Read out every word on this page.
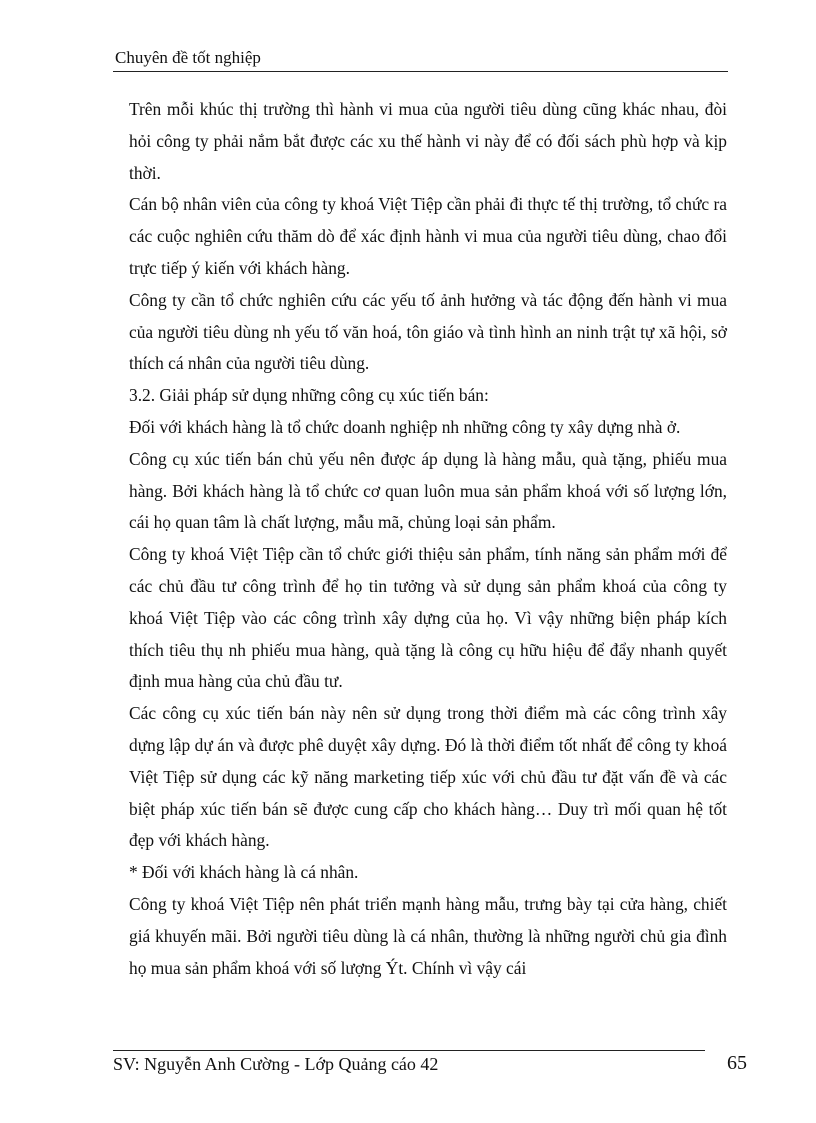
Chuyên đề tốt nghiệp

Trên mỗi khúc thị trường thì hành vi mua của người tiêu dùng cũng khác nhau, đòi hỏi công ty phải nắm bắt được các xu thế hành vi này để có đối sách phù hợp và kịp thời.

Cán bộ nhân viên của công ty khoá Việt Tiệp cần phải đi thực tế thị trường, tổ chức ra các cuộc nghiên cứu thăm dò để xác định hành vi mua của người tiêu dùng, chao đổi trực tiếp ý kiến với khách hàng.

Công ty cần tổ chức nghiên cứu các yếu tố ảnh hưởng và tác động đến hành vi mua của người tiêu dùng nh yếu tố văn hoá, tôn giáo và tình hình an ninh trật tự xã hội, sở thích cá nhân của người tiêu dùng.

3.2. Giải pháp sử dụng những công cụ xúc tiến bán:

Đối với khách hàng là tổ chức doanh nghiệp nh những công ty xây dựng nhà ở.

Công cụ xúc tiến bán chủ yếu nên được áp dụng là hàng mẫu, quà tặng, phiếu mua hàng. Bởi khách hàng là tổ chức cơ quan luôn mua sản phẩm khoá với số lượng lớn, cái họ quan tâm là chất lượng, mẫu mã, chủng loại sản phẩm.

Công ty khoá Việt Tiệp cần tổ chức giới thiệu sản phẩm, tính năng sản phẩm mới để các chủ đầu tư công trình để họ tin tưởng và sử dụng sản phẩm khoá của công ty khoá Việt Tiệp vào các công trình xây dựng của họ. Vì vậy những biện pháp kích thích tiêu thụ nh phiếu mua hàng, quà tặng là công cụ hữu hiệu để đẩy nhanh quyết định mua hàng của chủ đầu tư.

Các công cụ xúc tiến bán này nên sử dụng trong thời điểm mà các công trình xây dựng lập dự án và được phê duyệt xây dựng. Đó là thời điểm tốt nhất để công ty khoá Việt Tiệp sử dụng các kỹ năng marketing tiếp xúc với chủ đầu tư đặt vấn đề và các biệt pháp xúc tiến bán sẽ được cung cấp cho khách hàng… Duy trì mối quan hệ tốt đẹp với khách hàng.

* Đối với khách hàng là cá nhân.

Công ty khoá Việt Tiệp nên phát triển mạnh hàng mẫu, trưng bày tại cửa hàng, chiết giá khuyến mãi. Bởi người tiêu dùng là cá nhân, thường là những người chủ gia đình họ mua sản phẩm khoá với số lượng Ýt. Chính vì vậy cái

SV: Nguyễn Anh Cường - Lớp Quảng cáo 42	65
